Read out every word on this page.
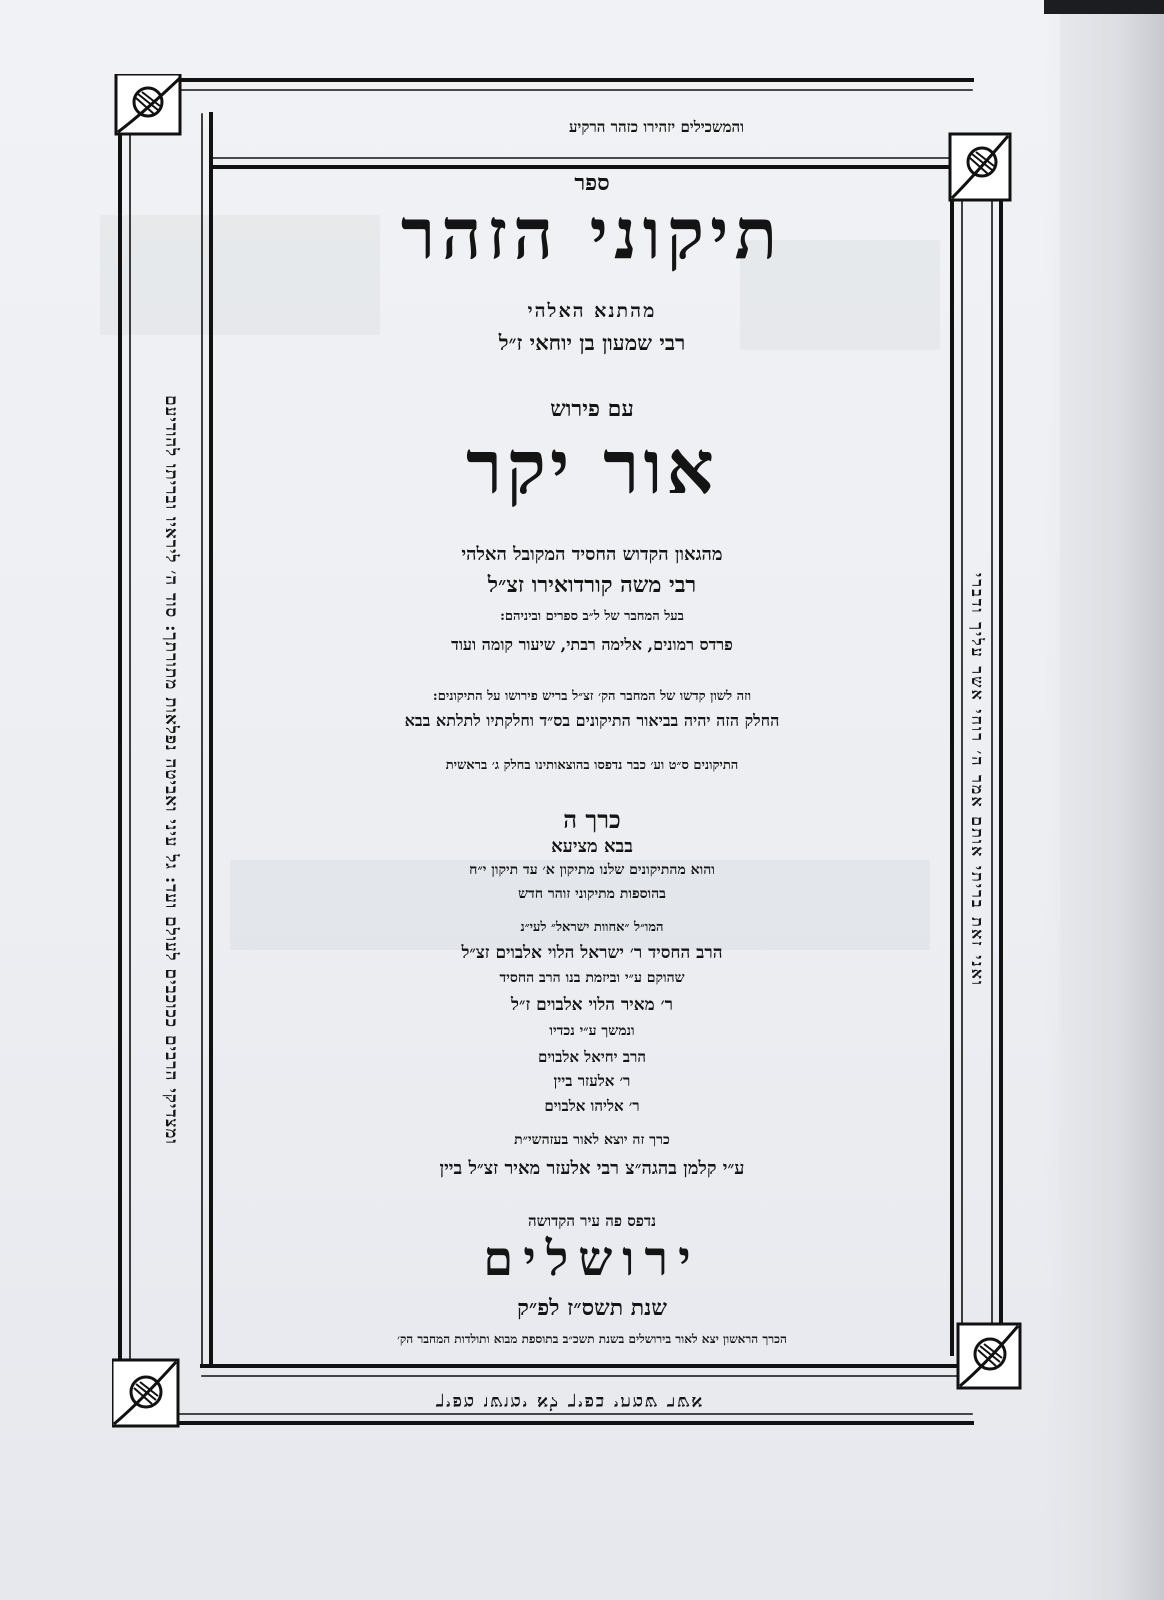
ומצדיקי הרבים ככוכבים לעולם ועד: גל עיני ואביטה נפלאות מתורתך: סוד ה׳ ליראיו ובריתו להודיעם	ואני זאת בריתי אותם אמר ה׳ רוחי אשר עליך ודברי
אשר שמתי בפיך לא ימושו מפיך
והמשכילים יזהירו כזהר הרקיע
ספר
תיקוני הזהר
מהתנא האלהי
רבי שמעון בן יוחאי ז״ל
עם פירוש
אור יקר
מהגאון הקדוש החסיד המקובל האלהי
רבי משה קורדואירו זצ״ל
בעל המחבר של ל״ב ספרים וביניהם:
פרדס רמונים, אלימה רבתי, שיעור קומה ועוד
וזה לשון קדשו של המחבר הק׳ זצ״ל בריש פירושו על התיקונים:
החלק הזה יהיה בביאור התיקונים בס״ד וחלקתיו לתלתא בבא
התיקונים ס״ט וע׳ כבר נדפסו בהוצאותינו בחלק ג׳ בראשית
כרך ה
בבא מציעא
והוא מהתיקונים שלנו מתיקון א׳ עד תיקון י״ח
בהוספות מתיקוני זוהר חדש
המו״ל ״אחוות ישראל״ לעי״נ
הרב החסיד ר׳ ישראל הלוי אלבוים זצ״ל
שהוקם ע״י וביזמת בנו הרב החסיד
ר׳ מאיר הלוי אלבוים ז״ל
ונמשך ע״י נכדיו
הרב יחיאל אלבוים
ר׳ אלעזר ביין
ר׳ אליהו אלבוים
כרך זה יוצא לאור בעזהשי״ת
ע״י קלמן בהגה״צ רבי אלעזר מאיר זצ״ל ביין
נדפס פה עיר הקדושה
ירושלים
שנת תשס״ז לפ״ק
הכרך הראשון יצא לאור בירושלים בשנת תשכ״ב בתוספת מבוא ותולדות המחבר הק׳
